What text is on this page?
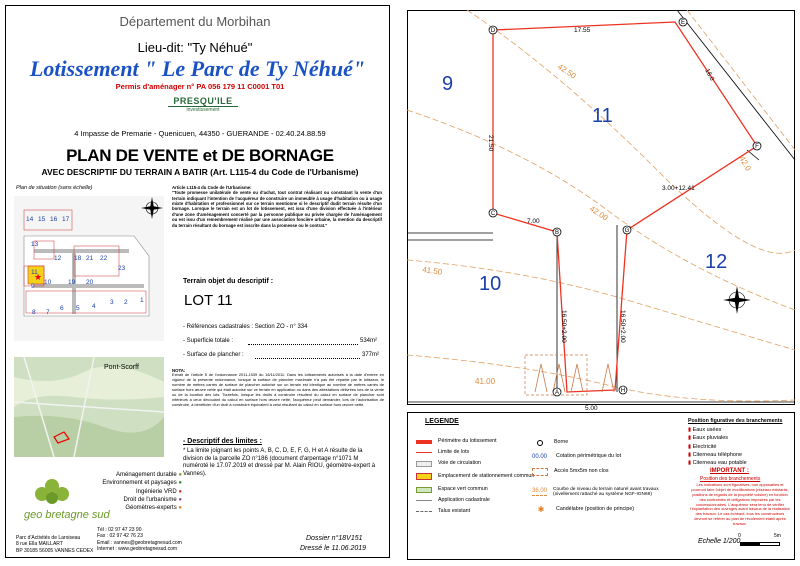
Département du Morbihan
Lieu-dit: "Ty Néhué"
Lotissement " Le Parc de Ty Néhué"
Permis d'aménager n° PA 056 179 11 C0001 T01
PRESQU'ILE
investissement
4 Impasse de Premarie - Quenicuen, 44350 - GUERANDE - 02.40.24.88.59
PLAN DE VENTE et DE BORNAGE
AVEC DESCRIPTIF DU TERRAIN A BATIR (Art. L115-4 du Code de l'Urbanisme)
Plan de situation (sans échelle)
★
14 15 16 17
13
12 18 21 22
11
23
9
10	19 20
8 7
6 5 4
3 2 1
Pont-Scorff
Article L115-4 du Code de l'Urbanisme:
"Toute promesse unilatérale de vente ou d'achat, tout contrat réalisant ou constatant la vente d'un terrain indiquant l'intention de l'acquéreur de construire un immeuble à usage d'habitation ou à usage mixte d'habitation et professionnel sur ce terrain mentionne si le descriptif dudit terrain résulte d'un bornage. Lorsque le terrain est un lot de lotissement, est issu d'une division effectuée à l'intérieur d'une zone d'aménagement concerté par la personne publique ou privée chargée de l'aménagement ou est issu d'un remembrement réalisé par une association foncière urbaine, la mention du descriptif du terrain résultant du bornage est inscrite dans la promesse ou le contrat."
Terrain objet du descriptif :
LOT 11
- Références cadastrales : Section ZO - n° 334
- Superficie totale :	534m²
- Surface de plancher :	377m²
NOTA:
Extrait de l'article 5 de l'ordonnance 2011-1539 du 16/11/2011: Dans les lotissements autorisés à la date d'entrée en vigueur de la présente ordonnance, lorsque la surface de plancher maximale n'a pas été répartie par le lotisseur, le nombre de mètres carrés de surface de plancher autorisé sur un terrain est identique au nombre de mètres carrés de surface hors œuvre nette qui était autorisé sur ce terrain en application ou dans des attestations délivrées lors de la vente ou de la location des lots. Toutefois, lorsque les droits à construire résultent du calcul en surface de plancher sont inférieurs à ceux découlant du calcul en surface hors œuvre nette, l'acquéreur peut demander, lors de l'autorisation de construire, à bénéficier d'un droit à construire équivalent à celui résultant du calcul en surface hors œuvre nette.
- Descriptif des limites :
* La limite joignant les points A, B, C, D, E, F, G, H et A résulte de la division de la parcelle ZO n°186 (document d'arpentage n°1071 M numéroté le 17.07.2019 et dressé par M. Alain RIOU, géomètre-expert à Vannes).
Aménagement durable ●
Environnement et paysages ●
Ingénierie VRD ●
Droit de l'urbanisme ●
Géomètres-experts ●
geo bretagne sud
Tél : 02 97 47 23 90
Fax : 02 97 42 76 23
Email : vannes@geobretagnesud.com
Internet : www.geobretagnesud.com
Parc d'Activités de Laroiseau
8 rue Ella MAILLART
BP 30185 56005 VANNES CEDEX
Dossier n°18V151
Dressé le 11.06.2019
A
B
C
D
E
F
G
H
9
11
10
12
17.55
21.50
7.00
16.50+2.00	16.50+2.00
5.00
3.00+12.41
16.0
42.50
42.00
41.50
41.00
42.0
LEGENDE
Périmètre du lotissement
Limite de lots
Voie de circulation
Emplacement de stationnement commun
Espace vert commun
Application cadastrale
Talus existant
Borne
00.00	Cotation périmétrique du lot
Accès 5mx5m non clos
36.00 Courbe de niveau du terrain naturel avant travaux (nivellement rattaché au système NGF-IGN69)
✱	Candélabre (position de principe)
Position figurative des branchements
▮ Eaux usées
▮ Eaux pluviales
▮ Electricité
▮ Citerneau téléphone
▮ Citerneau eau potable
IMPORTANT :
Position des branchements
Les indications sont figuratives, non opposables et pourront faire l'objet de modifications (réseaux existants, positions de regards de la propriété voisine) en fonction des contraintes et obligations imposées par les concessionnaires. L'acquéreur sera tenu de vérifier l'implantation des ouvrages avant travaux de la réalisation des travaux. Le cas échéant, tous les constructeurs devront se référer au plan de récolement établi après travaux.
Echelle 1/200
0	5m
